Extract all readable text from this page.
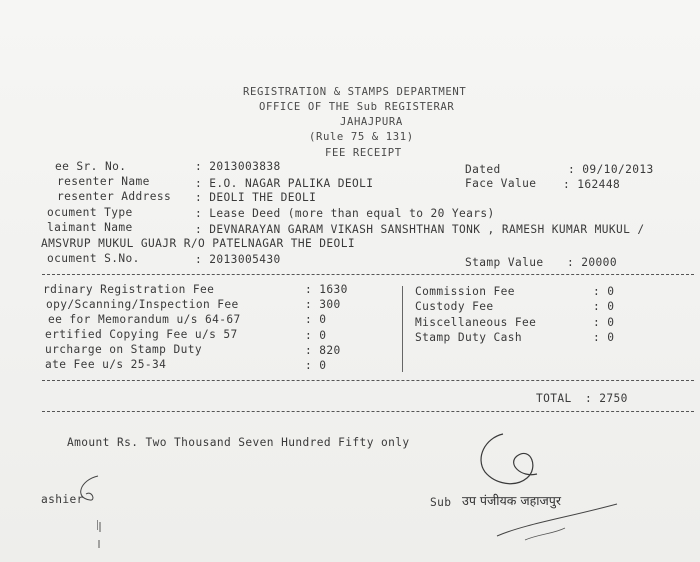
REGISTRATION & STAMPS DEPARTMENT
OFFICE OF THE Sub REGISTERAR
JAHAJPURA
(Rule 75 & 131)
FEE RECEIPT
ee Sr. No.	: 2013003838	Dated	: 09/10/2013
resenter Name	: E.O. NAGAR PALIKA DEOLI	Face Value : 162448
resenter Address : DEOLI THE DEOLI
ocument Type	: Lease Deed (more than equal to 20 Years)
laimant Name	: DEVNARAYAN GARAM VIKASH SANSHTHAN TONK , RAMESH KUMAR MUKUL /
AMSVRUP MUKUL GUAJR R/O PATELNAGAR THE DEOLI
ocument S.No.	: 2013005430	Stamp Value : 20000
rdinary Registration Fee	: 1630
opy/Scanning/Inspection Fee	: 300
ee for Memorandum u/s 64-67	: 0
ertified Copying Fee u/s 57	: 0
urcharge on Stamp Duty	: 820
ate Fee u/s 25-34	: 0
Commission Fee	: 0
Custody Fee	: 0
Miscellaneous Fee	: 0
Stamp Duty Cash	: 0
TOTAL : 2750
Amount Rs. Two Thousand Seven Hundred Fifty only
ashier	Sub उप पंजीयक जहाजपुर
